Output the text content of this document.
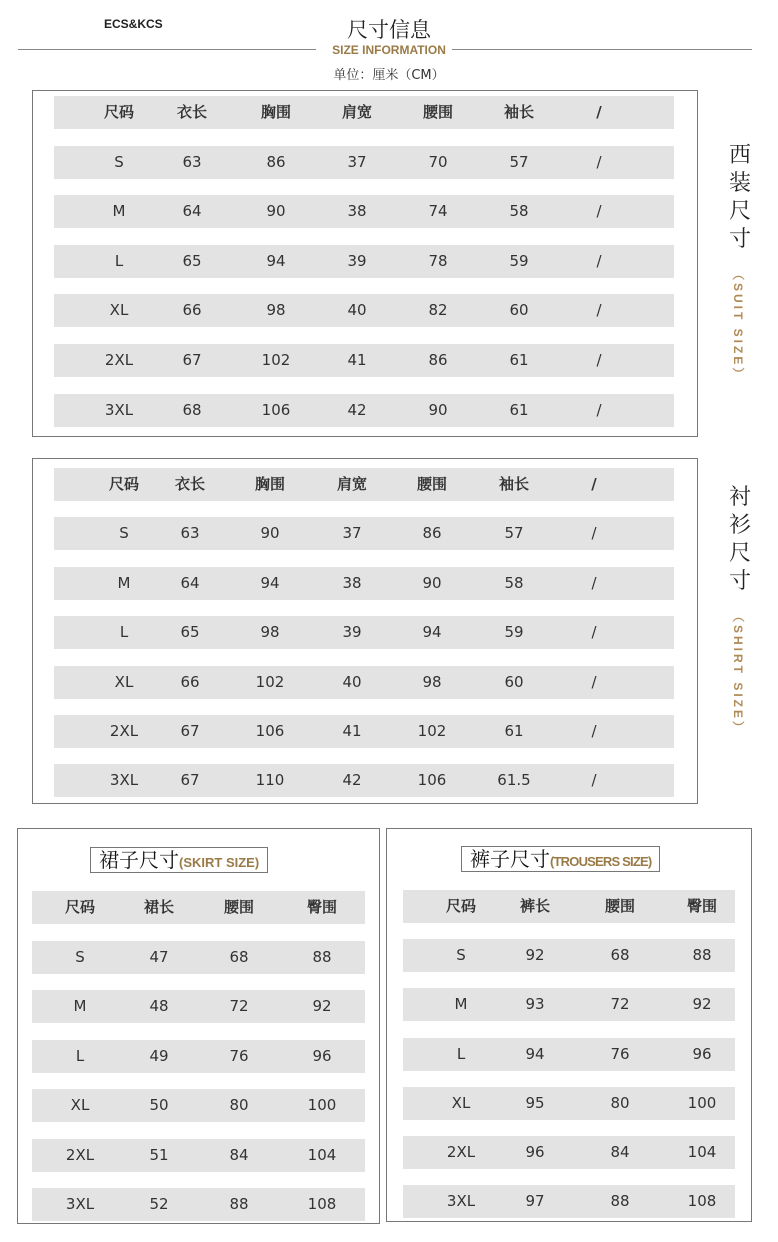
ECS&KCS	尺寸信息
SIZE INFORMATION
单位：厘米（CM）
尺码	衣长	胸围	肩宽	腰围	袖长	/
S	63	86	37	70	57	/
M	64	90	38	74	58	/
L	65	94	39	78	59	/
XL	66	98	40	82	60	/
2XL	67	102	41	86	61	/
3XL	68	106	42	90	61	/
西
装
尺
寸
（SUIT SIZE）
尺码	衣长	胸围	肩宽	腰围	袖长	/
S	63	90	37	86	57	/
M	64	94	38	90	58	/
L	65	98	39	94	59	/
XL	66	102	40	98	60	/
2XL	67	106	41	102	61	/
3XL	67	110	42	106	61.5	/
衬
衫
尺
寸
（SHIRT SIZE）
裙子尺寸(SKIRT SIZE)
尺码	裙长	腰围	臀围
S	47	68	88
M	48	72	92
L	49	76	96
XL	50	80	100
2XL	51	84	104
3XL	52	88	108
裤子尺寸(TROUSERS SIZE)
尺码	裤长	腰围	臀围
S	92	68	88
M	93	72	92
L	94	76	96
XL	95	80	100
2XL	96	84	104
3XL	97	88	108
